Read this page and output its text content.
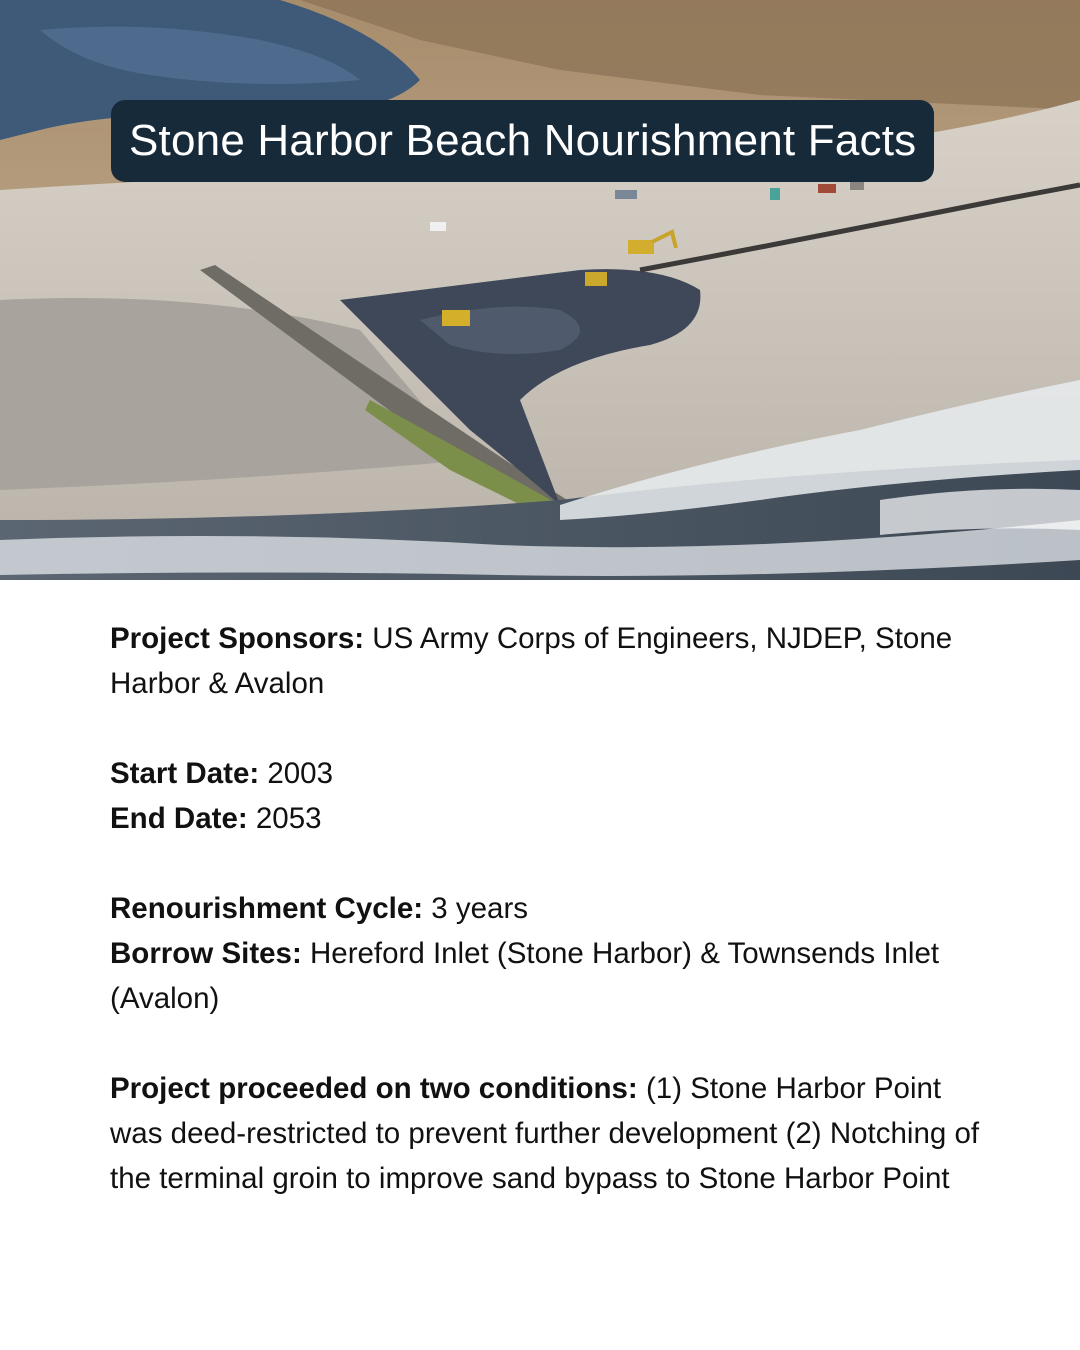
Stone Harbor Beach Nourishment Facts

Project Sponsors: US Army Corps of Engineers, NJDEP, Stone Harbor & Avalon

Start Date: 2003

End Date: 2053

Renourishment Cycle: 3 years

Borrow Sites: Hereford Inlet (Stone Harbor) & Townsends Inlet (Avalon)

Project proceeded on two conditions: (1) Stone Harbor Point was deed-restricted to prevent further development (2) Notching of the terminal groin to improve sand bypass to Stone Harbor Point
